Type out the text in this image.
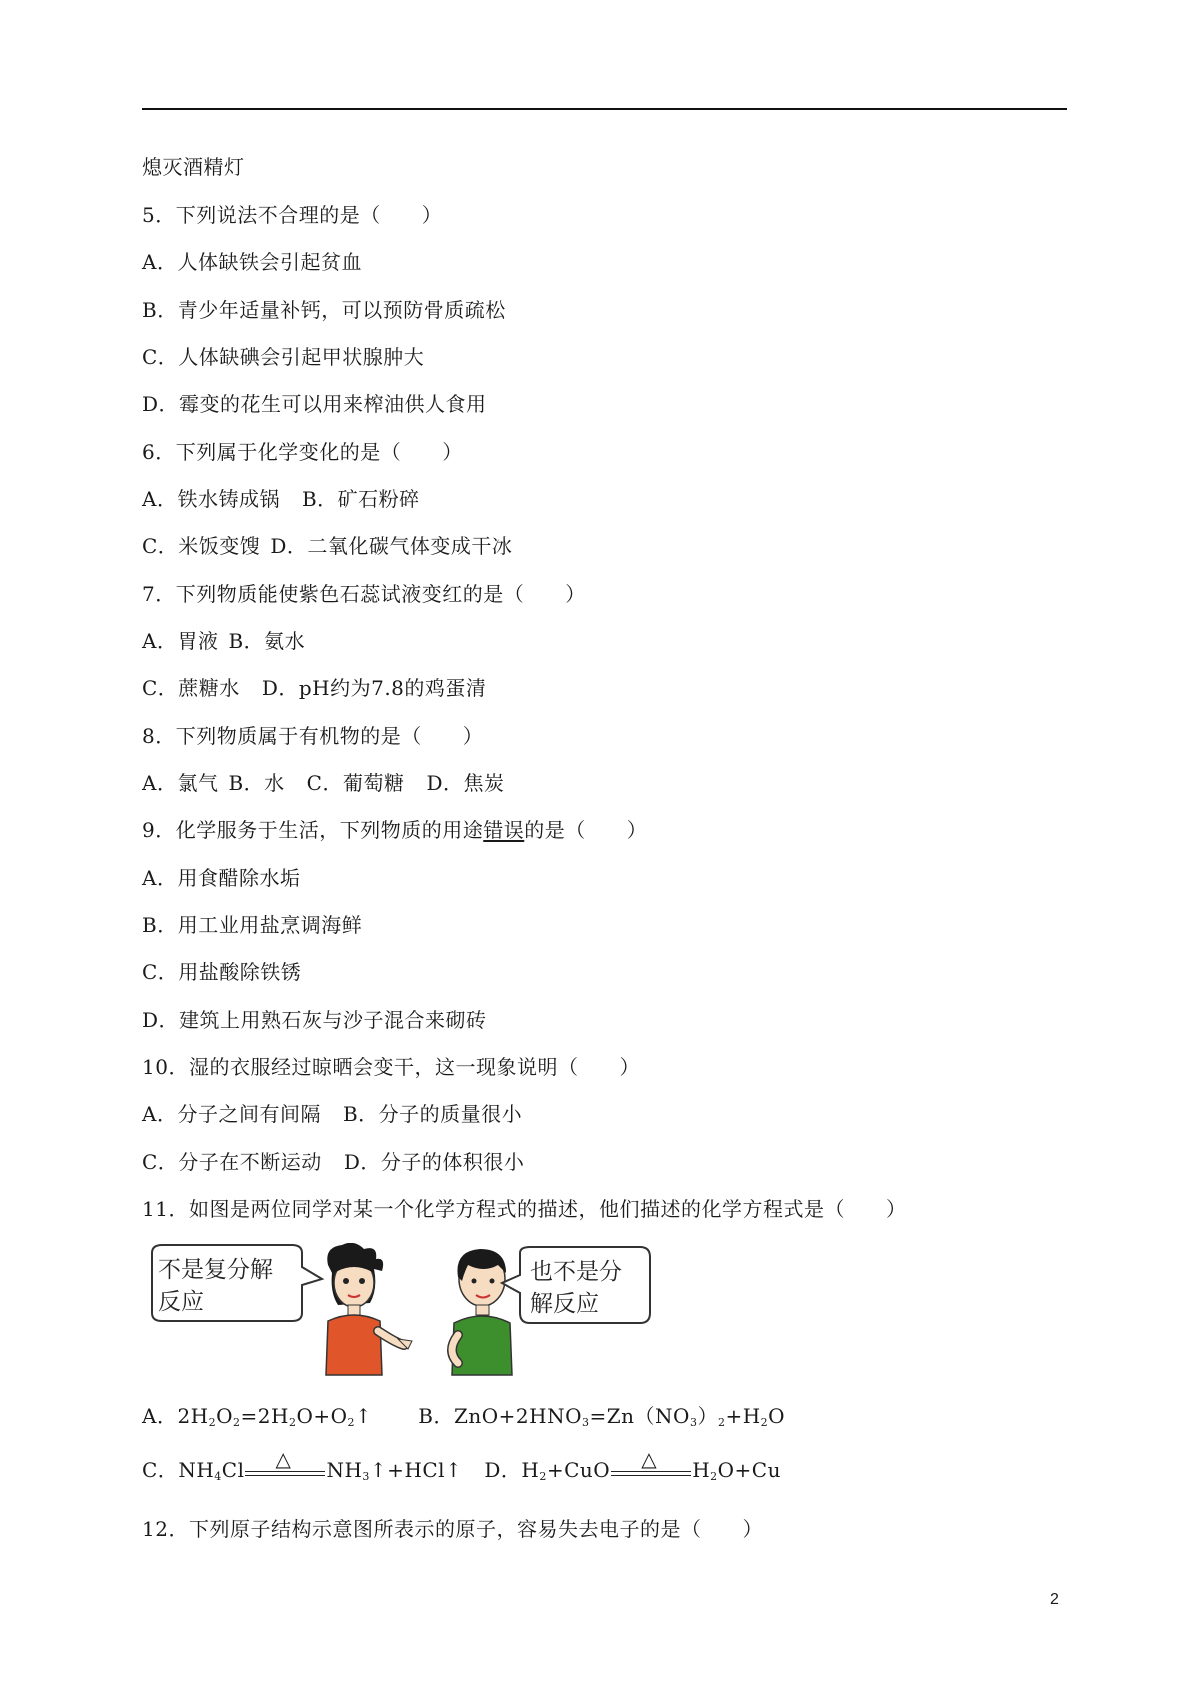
熄灭酒精灯
5．下列说法不合理的是（　　）
A．人体缺铁会引起贫血
B．青少年适量补钙，可以预防骨质疏松
C．人体缺碘会引起甲状腺肿大
D．霉变的花生可以用来榨油供人食用
6．下列属于化学变化的是（　　）
A．铁水铸成锅 B．矿石粉碎
C．米饭变馊 D．二氧化碳气体变成干冰
7．下列物质能使紫色石蕊试液变红的是（　　）
A．胃液 B．氨水
C．蔗糖水 D．pH约为7.8的鸡蛋清
8．下列物质属于有机物的是（　　）
A．氯气 B．水 C．葡萄糖 D．焦炭
9．化学服务于生活，下列物质的用途错误的是（　　）
A．用食醋除水垢
B．用工业用盐烹调海鲜
C．用盐酸除铁锈
D．建筑上用熟石灰与沙子混合来砌砖
10．湿的衣服经过晾晒会变干，这一现象说明（　　）
A．分子之间有间隔 B．分子的质量很小
C．分子在不断运动 D．分子的体积很小
11．如图是两位同学对某一个化学方程式的描述，他们描述的化学方程式是（　　）
不是复分解
反应
也不是分
解反应
A．$2H_2O_2=2H_2O+O_2↑$ B．$ZnO+2HNO_3=Zn(NO_3)_2+H_2O$
C．$NH_4Cl$ △ $NH_3↑+HCl↑$ D．$H_2+CuO$ △ $H_2O+Cu$
12．下列原子结构示意图所表示的原子，容易失去电子的是（　　）
2
